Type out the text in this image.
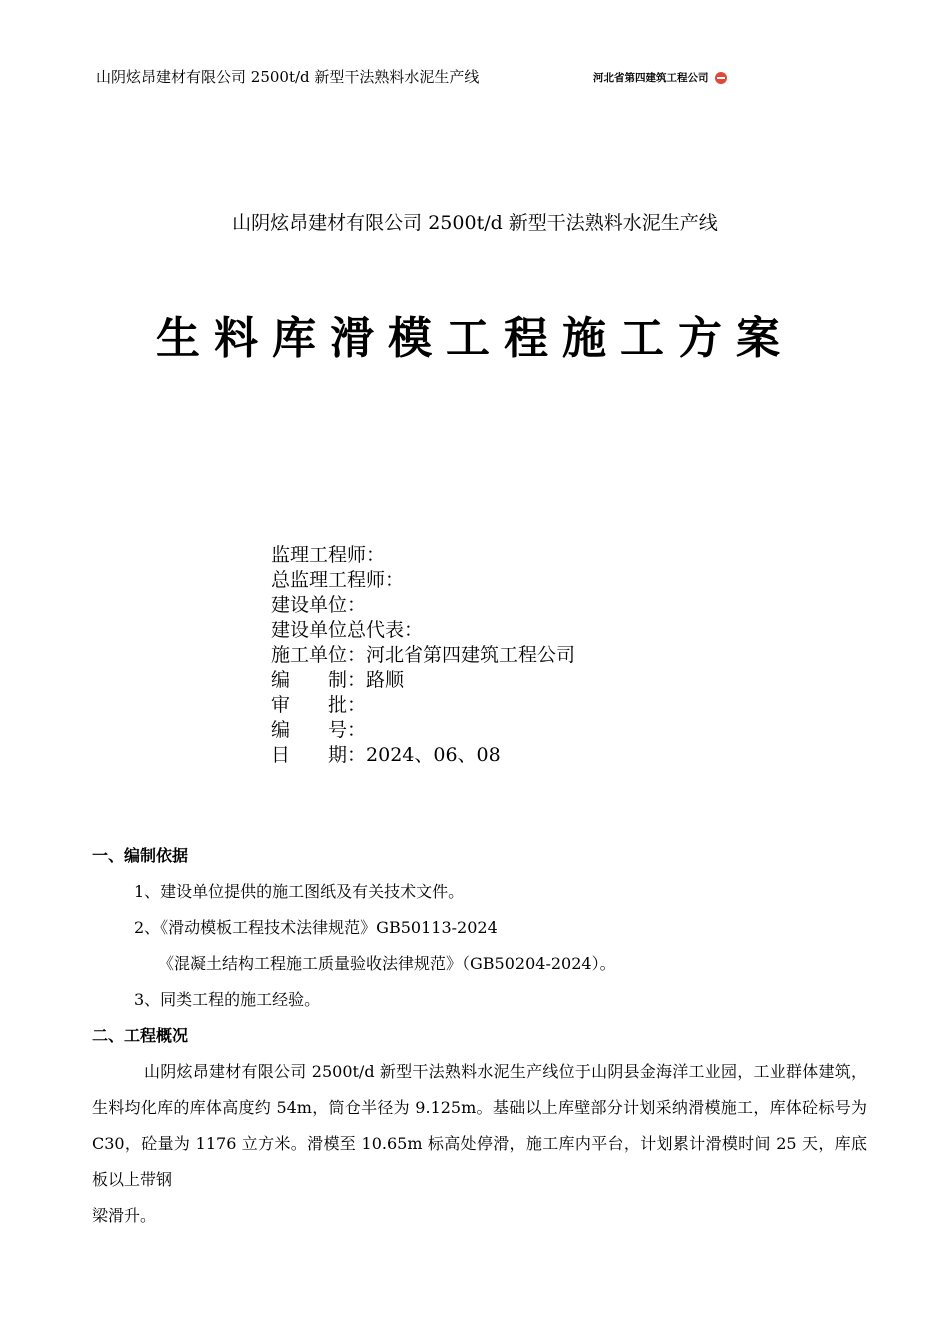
山阴炫昂建材有限公司 2500t/d 新型干法熟料水泥生产线	河北省第四建筑工程公司
山阴炫昂建材有限公司 2500t/d 新型干法熟料水泥生产线
生料库滑模工程施工方案
监理工程师：
总监理工程师：
建设单位：
建设单位总代表：
施工单位： 河北省第四建筑工程公司
编　　制： 路顺
审　　批：
编　　号：
日　　期： 2024、06、08
一、编制依据
1、建设单位提供的施工图纸及有关技术文件。
2、《滑动模板工程技术法律规范》GB50113-2024
《混凝土结构工程施工质量验收法律规范》（GB50204-2024）。
3、同类工程的施工经验。
二、工程概况
山阴炫昂建材有限公司 2500t/d 新型干法熟料水泥生产线位于山阴县金海洋工业园，工业群体建筑，生料均化库的库体高度约 54m，筒仓半径为 9.125m。基础以上库壁部分计划采纳滑模施工，库体砼标号为 C30，砼量为 1176 立方米。滑模至 10.65m 标高处停滑，施工库内平台，计划累计滑模时间 25 天，库底板以上带钢
梁滑升。
